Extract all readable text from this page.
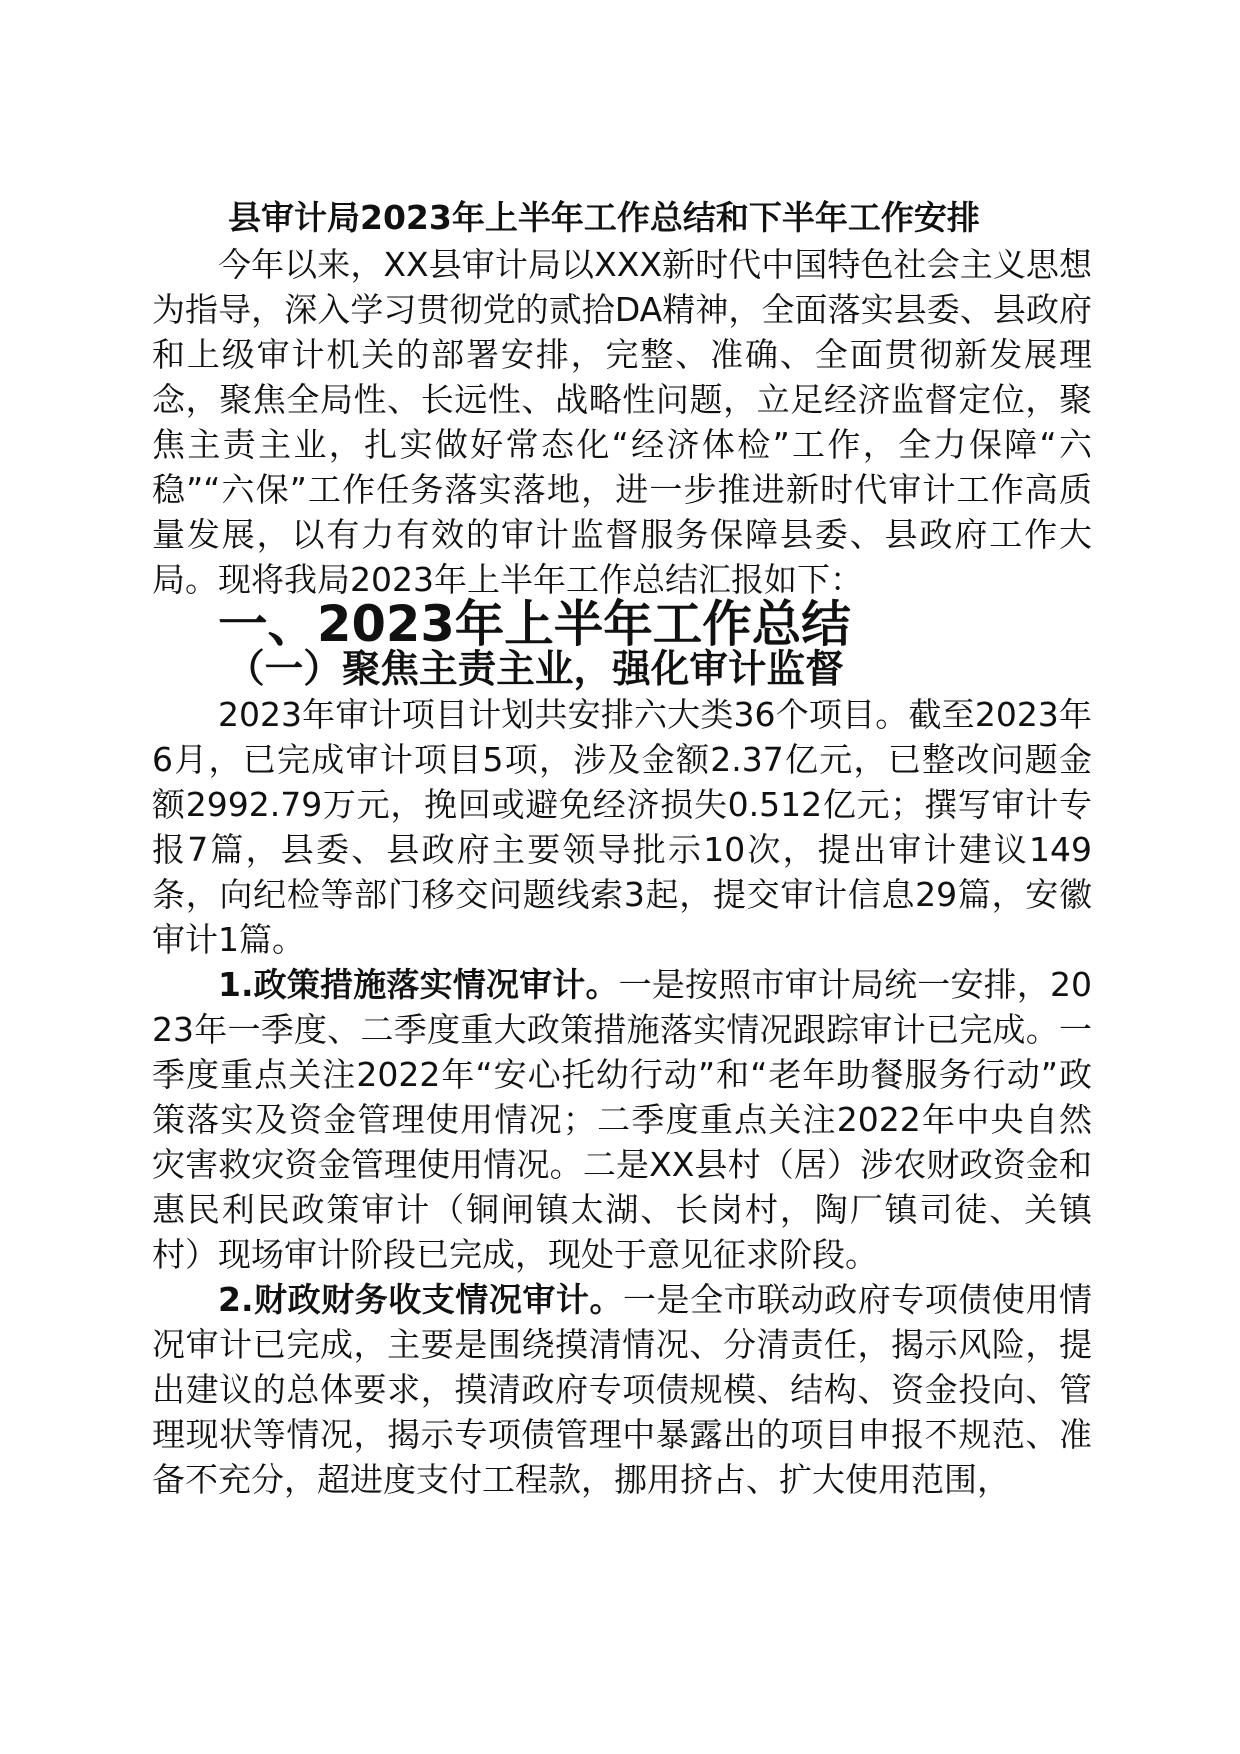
县审计局2023年上半年工作总结和下半年工作安排

今年以来，XX县审计局以XXX新时代中国特色社会主义思想为指导，深入学习贯彻党的贰拾DA精神，全面落实县委、县政府和上级审计机关的部署安排，完整、准确、全面贯彻新发展理念，聚焦全局性、长远性、战略性问题，立足经济监督定位，聚焦主责主业，扎实做好常态化“经济体检”工作，全力保障“六稳”“六保”工作任务落实落地，进一步推进新时代审计工作高质量发展，以有力有效的审计监督服务保障县委、县政府工作大局。现将我局2023年上半年工作总结汇报如下：

一、2023年上半年工作总结
（一）聚焦主责主业，强化审计监督

2023年审计项目计划共安排六大类36个项目。截至2023年6月，已完成审计项目5项，涉及金额2.37亿元，已整改问题金额2992.79万元，挽回或避免经济损失0.512亿元；撰写审计专报7篇，县委、县政府主要领导批示10次，提出审计建议149条，向纪检等部门移交问题线索3起，提交审计信息29篇，安徽审计1篇。

1.政策措施落实情况审计。一是按照市审计局统一安排，2023年一季度、二季度重大政策措施落实情况跟踪审计已完成。一季度重点关注2022年“安心托幼行动”和“老年助餐服务行动”政策落实及资金管理使用情况；二季度重点关注2022年中央自然灾害救灾资金管理使用情况。二是XX县村（居）涉农财政资金和惠民利民政策审计（铜闸镇太湖、长岗村，陶厂镇司徒、关镇村）现场审计阶段已完成，现处于意见征求阶段。

2.财政财务收支情况审计。一是全市联动政府专项债使用情况审计已完成，主要是围绕摸清情况、分清责任，揭示风险，提出建议的总体要求，摸清政府专项债规模、结构、资金投向、管理现状等情况，揭示专项债管理中暴露出的项目申报不规范、准备不充分，超进度支付工程款，挪用挤占、扩大使用范围，
